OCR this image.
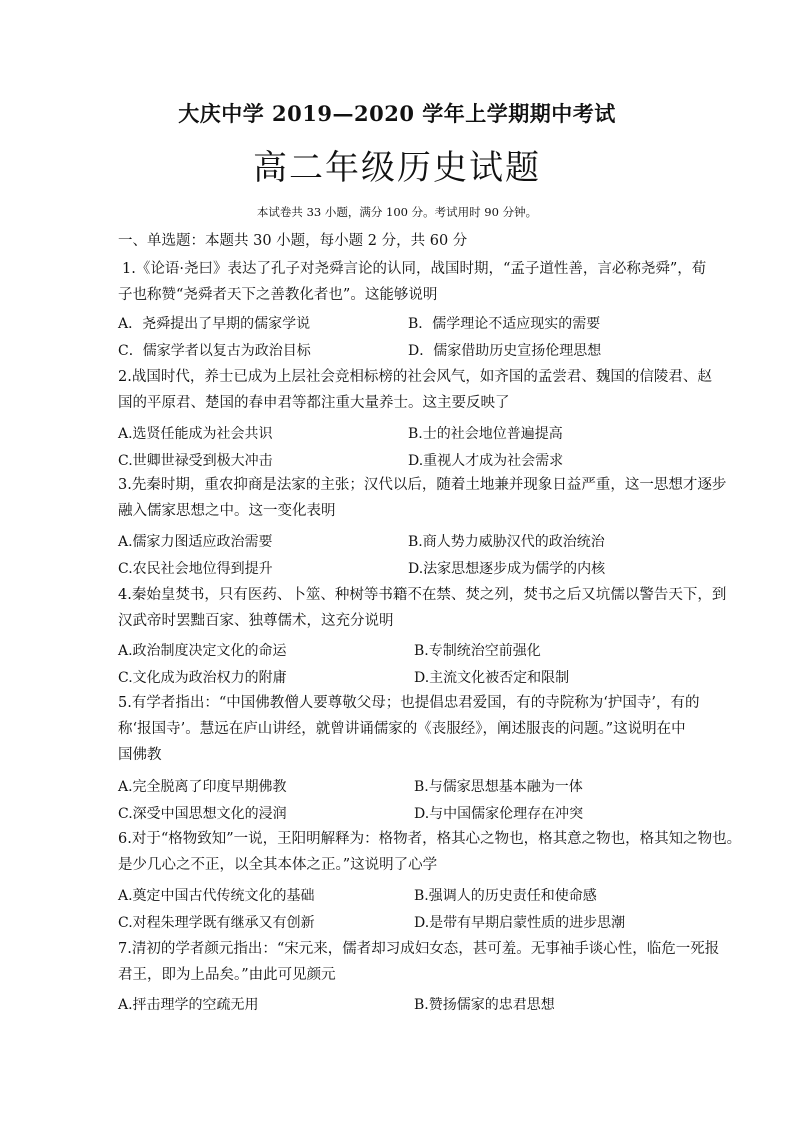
大庆中学 2019—2020 学年上学期期中考试
高二年级历史试题
本试卷共 33 小题，满分 100 分。考试用时 90 分钟。
一、单选题：本题共 30 小题，每小题 2 分，共 60 分
1.《论语·尧曰》表达了孔子对尧舜言论的认同，战国时期，“孟子道性善，言必称尧舜”，荀
子也称赞“尧舜者天下之善教化者也”。这能够说明
A．尧舜提出了早期的儒家学说	B．儒学理论不适应现实的需要
C．儒家学者以复古为政治目标	D．儒家借助历史宣扬伦理思想
2.战国时代，养士已成为上层社会竞相标榜的社会风气，如齐国的孟尝君、魏国的信陵君、赵
国的平原君、楚国的春申君等都注重大量养士。这主要反映了
A.选贤任能成为社会共识	B.士的社会地位普遍提高
C.世卿世禄受到极大冲击	D.重视人才成为社会需求
3.先秦时期，重农抑商是法家的主张；汉代以后，随着土地兼并现象日益严重，这一思想才逐步
融入儒家思想之中。这一变化表明
A.儒家力图适应政治需要	B.商人势力威胁汉代的政治统治
C.农民社会地位得到提升	D.法家思想逐步成为儒学的内核
4.秦始皇焚书，只有医药、卜筮、种树等书籍不在禁、焚之列，焚书之后又坑儒以警告天下，到
汉武帝时罢黜百家、独尊儒术，这充分说明
A.政治制度决定文化的命运	B.专制统治空前强化
C.文化成为政治权力的附庸	D.主流文化被否定和限制
5.有学者指出：“中国佛教僧人要尊敬父母；也提倡忠君爱国，有的寺院称为‘护国寺’，有的
称‘报国寺’。慧远在庐山讲经，就曾讲诵儒家的《丧服经》，阐述服丧的问题。”这说明在中
国佛教
A.完全脱离了印度早期佛教	B.与儒家思想基本融为一体
C.深受中国思想文化的浸润	D.与中国儒家伦理存在冲突
6.对于“格物致知”一说，王阳明解释为：格物者，格其心之物也，格其意之物也，格其知之物也。
是少几心之不正，以全其本体之正。”这说明了心学
A.奠定中国古代传统文化的基础	B.强调人的历史责任和使命感
C.对程朱理学既有继承又有创新	D.是带有早期启蒙性质的进步思潮
7.清初的学者颜元指出：“宋元来，儒者却习成妇女态，甚可羞。无事袖手谈心性，临危一死报
君王，即为上品矣。”由此可见颜元
A.抨击理学的空疏无用	B.赞扬儒家的忠君思想
